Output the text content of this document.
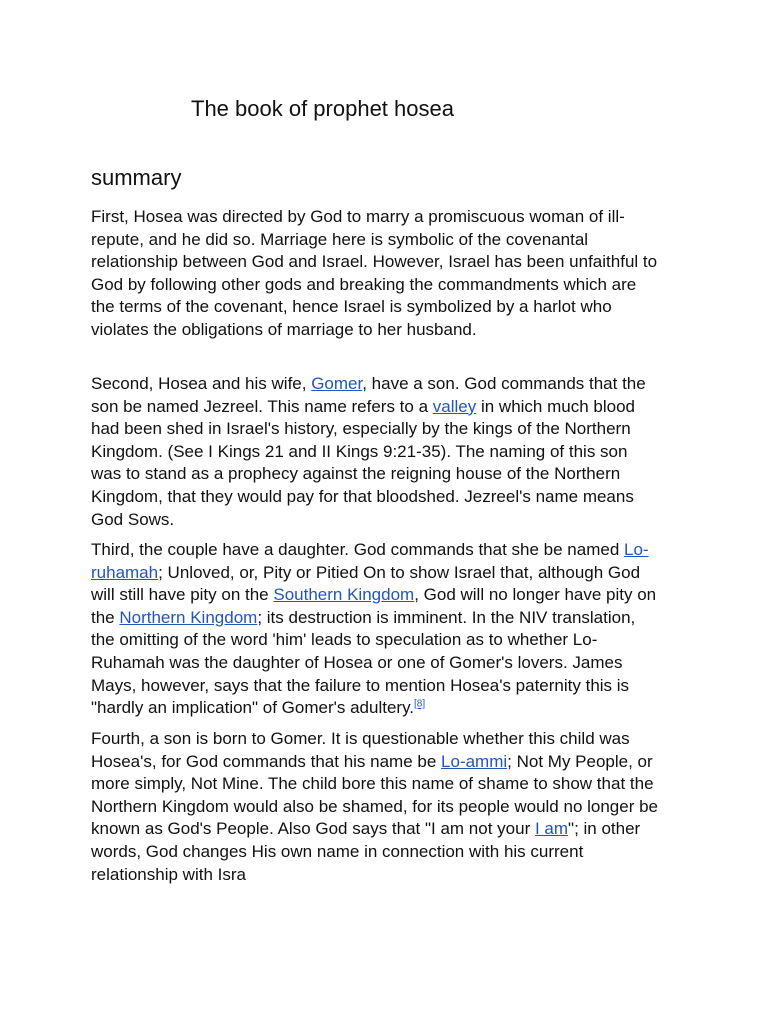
The book of prophet hosea
summary
First, Hosea was directed by God to marry a promiscuous woman of ill-
repute, and he did so. Marriage here is symbolic of the covenantal
relationship between God and Israel. However, Israel has been unfaithful to
God by following other gods and breaking the commandments which are
the terms of the covenant, hence Israel is symbolized by a harlot who
violates the obligations of marriage to her husband.
Second, Hosea and his wife, Gomer, have a son. God commands that the
son be named Jezreel. This name refers to a valley in which much blood
had been shed in Israel's history, especially by the kings of the Northern
Kingdom. (See I Kings 21 and II Kings 9:21-35). The naming of this son
was to stand as a prophecy against the reigning house of the Northern
Kingdom, that they would pay for that bloodshed. Jezreel's name means
God Sows.
Third, the couple have a daughter. God commands that she be named Lo-
ruhamah; Unloved, or, Pity or Pitied On to show Israel that, although God
will still have pity on the Southern Kingdom, God will no longer have pity on
the Northern Kingdom; its destruction is imminent. In the NIV translation,
the omitting of the word 'him' leads to speculation as to whether Lo-
Ruhamah was the daughter of Hosea or one of Gomer's lovers. James
Mays, however, says that the failure to mention Hosea's paternity this is
"hardly an implication" of Gomer's adultery.[8]
Fourth, a son is born to Gomer. It is questionable whether this child was
Hosea's, for God commands that his name be Lo-ammi; Not My People, or
more simply, Not Mine. The child bore this name of shame to show that the
Northern Kingdom would also be shamed, for its people would no longer be
known as God's People. Also God says that "I am not your I am"; in other
words, God changes His own name in connection with his current
relationship with Isra
